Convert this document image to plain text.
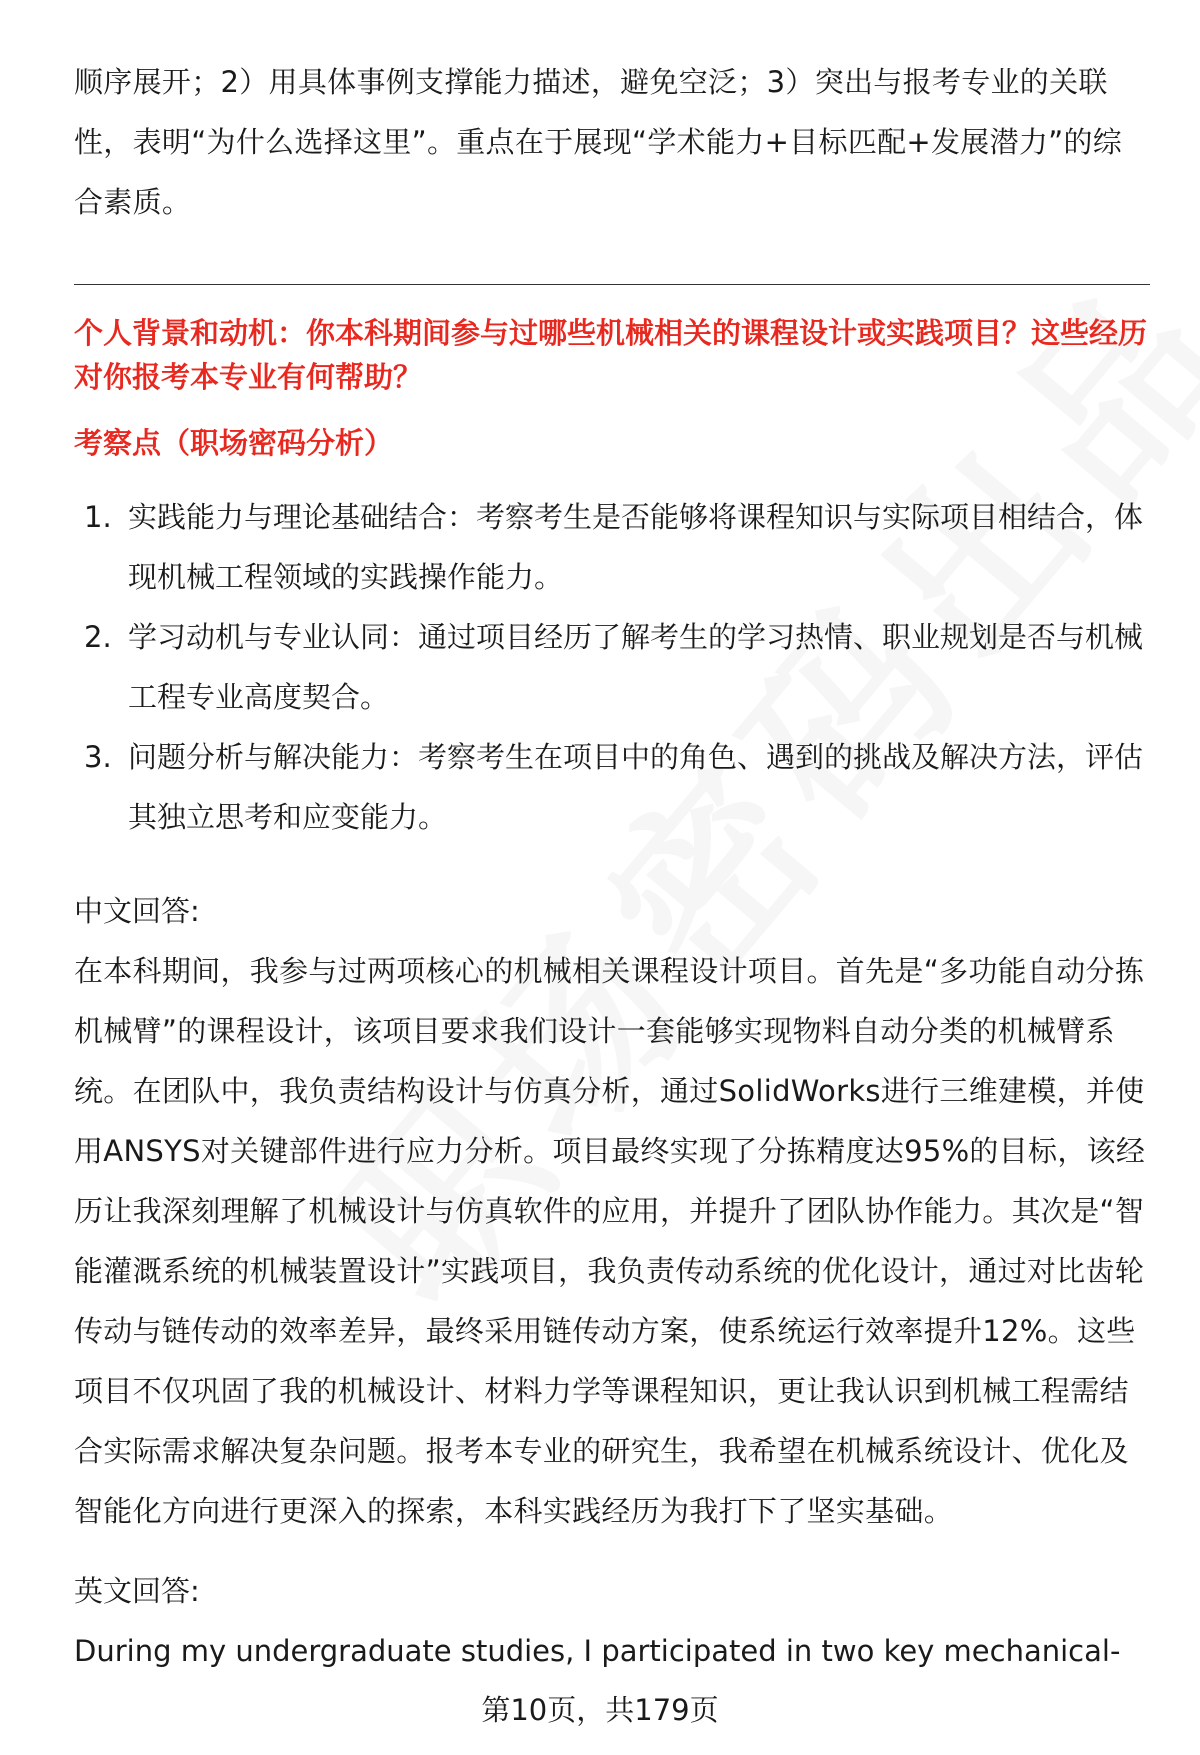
顺序展开；2）用具体事例支撑能力描述，避免空泛；3）突出与报考专业的关联性，表明“为什么选择这里”。重点在于展现“学术能力+目标匹配+发展潜力”的综合素质。

个人背景和动机：你本科期间参与过哪些机械相关的课程设计或实践项目？这些经历对你报考本专业有何帮助？

考察点（职场密码分析）

1. 实践能力与理论基础结合：考察考生是否能够将课程知识与实际项目相结合，体现机械工程领域的实践操作能力。
2. 学习动机与专业认同：通过项目经历了解考生的学习热情、职业规划是否与机械工程专业高度契合。
3. 问题分析与解决能力：考察考生在项目中的角色、遇到的挑战及解决方法，评估其独立思考和应变能力。

中文回答:

在本科期间，我参与过两项核心的机械相关课程设计项目。首先是“多功能自动分拣机械臂”的课程设计，该项目要求我们设计一套能够实现物料自动分类的机械臂系统。在团队中，我负责结构设计与仿真分析，通过SolidWorks进行三维建模，并使用ANSYS对关键部件进行应力分析。项目最终实现了分拣精度达95%的目标，该经历让我深刻理解了机械设计与仿真软件的应用，并提升了团队协作能力。其次是“智能灌溉系统的机械装置设计”实践项目，我负责传动系统的优化设计，通过对比齿轮传动与链传动的效率差异，最终采用链传动方案，使系统运行效率提升12%。这些项目不仅巩固了我的机械设计、材料力学等课程知识，更让我认识到机械工程需结合实际需求解决复杂问题。报考本专业的研究生，我希望在机械系统设计、优化及智能化方向进行更深入的探索，本科实践经历为我打下了坚实基础。

英文回答:

During my undergraduate studies, I participated in two key mechanical-

第10页，共179页
